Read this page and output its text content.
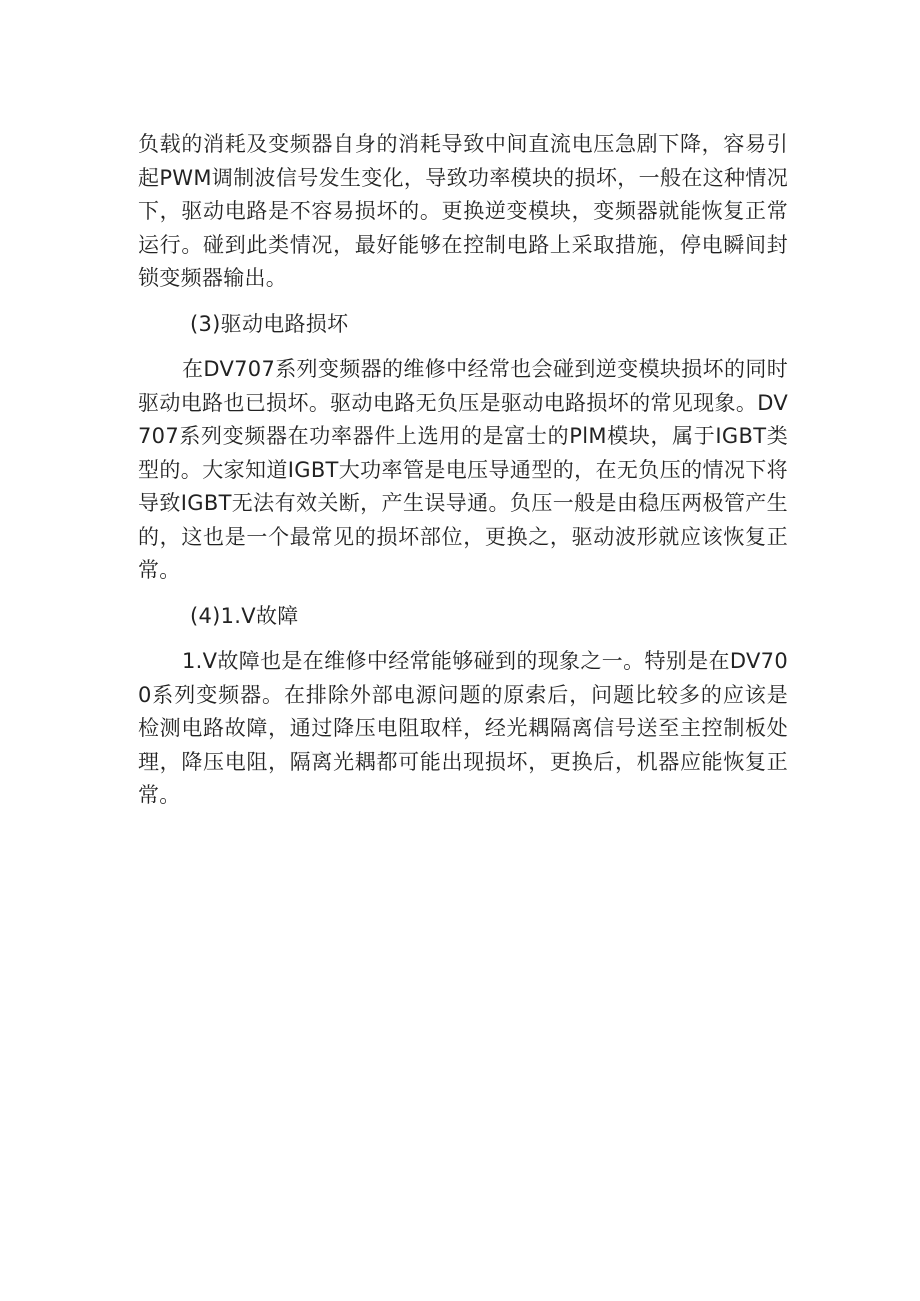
负载的消耗及变频器自身的消耗导致中间直流电压急剧下降，容易引起PWM调制波信号发生变化，导致功率模块的损坏，一般在这种情况下，驱动电路是不容易损坏的。更换逆变模块，变频器就能恢复正常运行。碰到此类情况，最好能够在控制电路上采取措施，停电瞬间封锁变频器输出。

(3)驱动电路损坏

在DV707系列变频器的维修中经常也会碰到逆变模块损坏的同时驱动电路也已损坏。驱动电路无负压是驱动电路损坏的常见现象。DV707系列变频器在功率器件上选用的是富士的PlM模块，属于IGBT类型的。大家知道IGBT大功率管是电压导通型的，在无负压的情况下将导致IGBT无法有效关断，产生误导通。负压一般是由稳压两极管产生的，这也是一个最常见的损坏部位，更换之，驱动波形就应该恢复正常。

(4)1.V故障

1.V故障也是在维修中经常能够碰到的现象之一。特别是在DV700系列变频器。在排除外部电源问题的原索后，问题比较多的应该是检测电路故障，通过降压电阻取样，经光耦隔离信号送至主控制板处理，降压电阻，隔离光耦都可能出现损坏，更换后，机器应能恢复正常。
